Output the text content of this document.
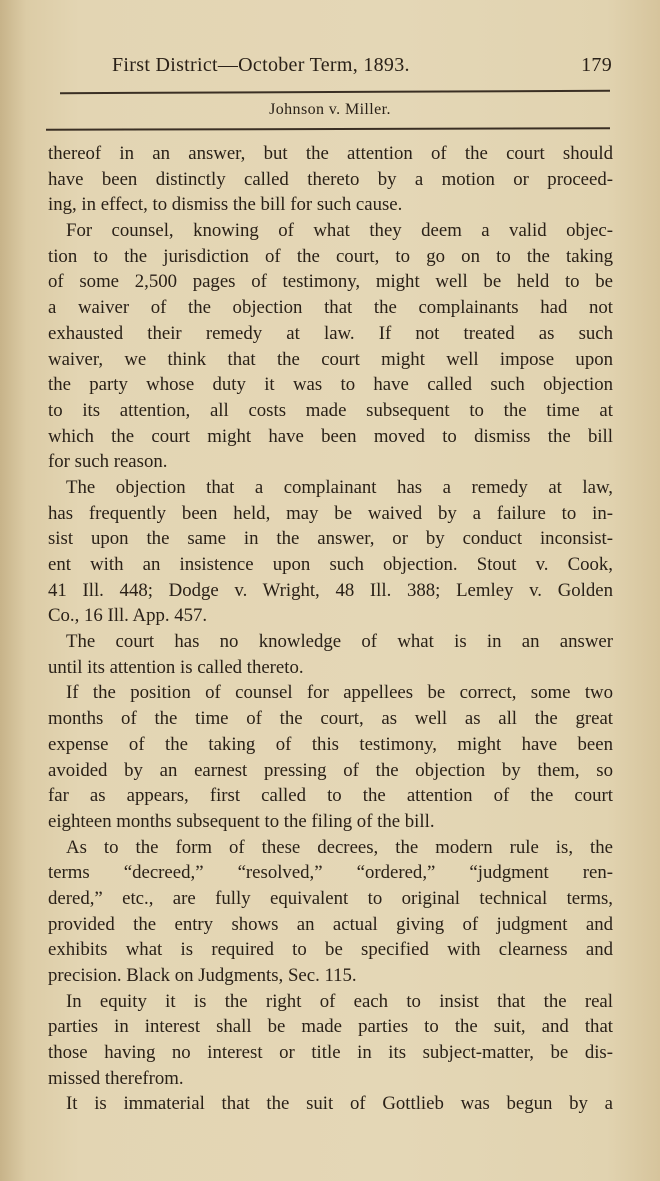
First District—October Term, 1893.	179
Johnson v. Miller.
thereof in an answer, but the attention of the court should
have been distinctly called thereto by a motion or proceed-
ing, in effect, to dismiss the bill for such cause.
For counsel, knowing of what they deem a valid objec-
tion to the jurisdiction of the court, to go on to the taking
of some 2,500 pages of testimony, might well be held to be
a waiver of the objection that the complainants had not
exhausted their remedy at law. If not treated as such
waiver, we think that the court might well impose upon
the party whose duty it was to have called such objection
to its attention, all costs made subsequent to the time at
which the court might have been moved to dismiss the bill
for such reason.
The objection that a complainant has a remedy at law,
has frequently been held, may be waived by a failure to in-
sist upon the same in the answer, or by conduct inconsist-
ent with an insistence upon such objection. Stout v. Cook,
41 Ill. 448; Dodge v. Wright, 48 Ill. 388; Lemley v. Golden
Co., 16 Ill. App. 457.
The court has no knowledge of what is in an answer
until its attention is called thereto.
If the position of counsel for appellees be correct, some two
months of the time of the court, as well as all the great
expense of the taking of this testimony, might have been
avoided by an earnest pressing of the objection by them, so
far as appears, first called to the attention of the court
eighteen months subsequent to the filing of the bill.
As to the form of these decrees, the modern rule is, the
terms “decreed,” “resolved,” “ordered,” “judgment ren-
dered,” etc., are fully equivalent to original technical terms,
provided the entry shows an actual giving of judgment and
exhibits what is required to be specified with clearness and
precision. Black on Judgments, Sec. 115.
In equity it is the right of each to insist that the real
parties in interest shall be made parties to the suit, and that
those having no interest or title in its subject-matter, be dis-
missed therefrom.
It is immaterial that the suit of Gottlieb was begun by a
